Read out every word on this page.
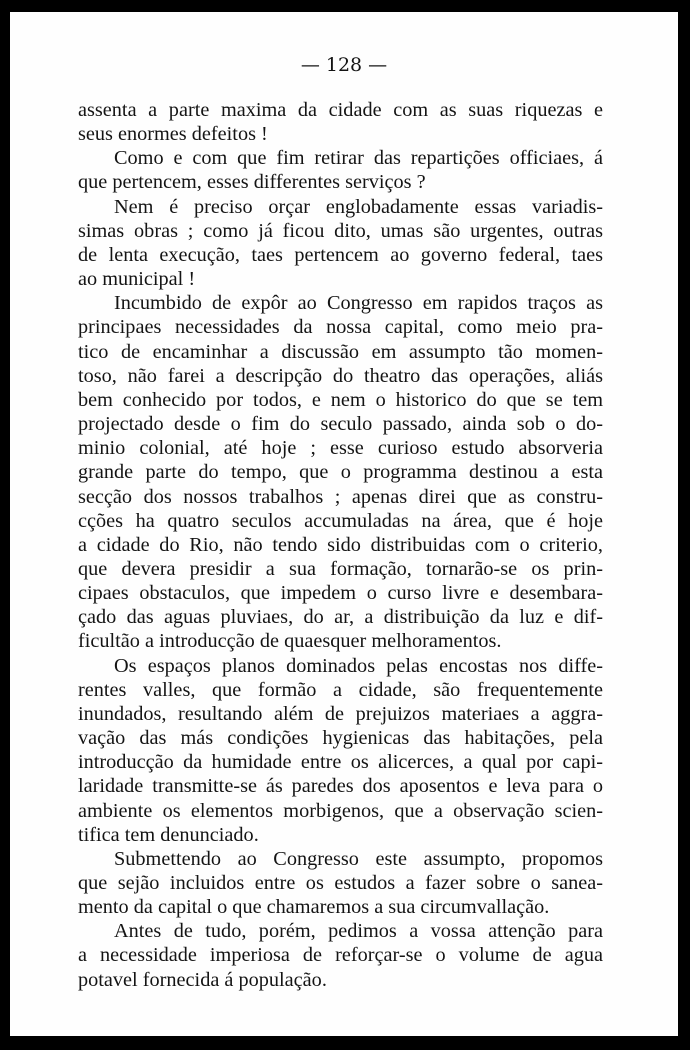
— 128 —

assenta a parte maxima da cidade com as suas riquezas e

seus enormes defeitos !

Como e com que fim retirar das repartições officiaes, á

que pertencem, esses differentes serviços ?

Nem é preciso orçar englobadamente essas variadis-

simas obras ; como já ficou dito, umas são urgentes, outras

de lenta execução, taes pertencem ao governo federal, taes

ao municipal !

Incumbido de expôr ao Congresso em rapidos traços as

principaes necessidades da nossa capital, como meio pra-

tico de encaminhar a discussão em assumpto tão momen-

toso, não farei a descripção do theatro das operações, aliás

bem conhecido por todos, e nem o historico do que se tem

projectado desde o fim do seculo passado, ainda sob o do-

minio colonial, até hoje ; esse curioso estudo absorveria

grande parte do tempo, que o programma destinou a esta

secção dos nossos trabalhos ; apenas direi que as constru-

cções ha quatro seculos accumuladas na área, que é hoje

a cidade do Rio, não tendo sido distribuidas com o criterio,

que devera presidir a sua formação, tornarão-se os prin-

cipaes obstaculos, que impedem o curso livre e desembara-

çado das aguas pluviaes, do ar, a distribuição da luz e dif-

ficultão a introducção de quaesquer melhoramentos.

Os espaços planos dominados pelas encostas nos diffe-

rentes valles, que formão a cidade, são frequentemente

inundados, resultando além de prejuizos materiaes a aggra-

vação das más condições hygienicas das habitações, pela

introducção da humidade entre os alicerces, a qual por capi-

laridade transmitte-se ás paredes dos aposentos e leva para o

ambiente os elementos morbigenos, que a observação scien-

tifica tem denunciado.

Submettendo ao Congresso este assumpto, propomos

que sejão incluidos entre os estudos a fazer sobre o sanea-

mento da capital o que chamaremos a sua circumvallação.

Antes de tudo, porém, pedimos a vossa attenção para

a necessidade imperiosa de reforçar-se o volume de agua

potavel fornecida á população.
